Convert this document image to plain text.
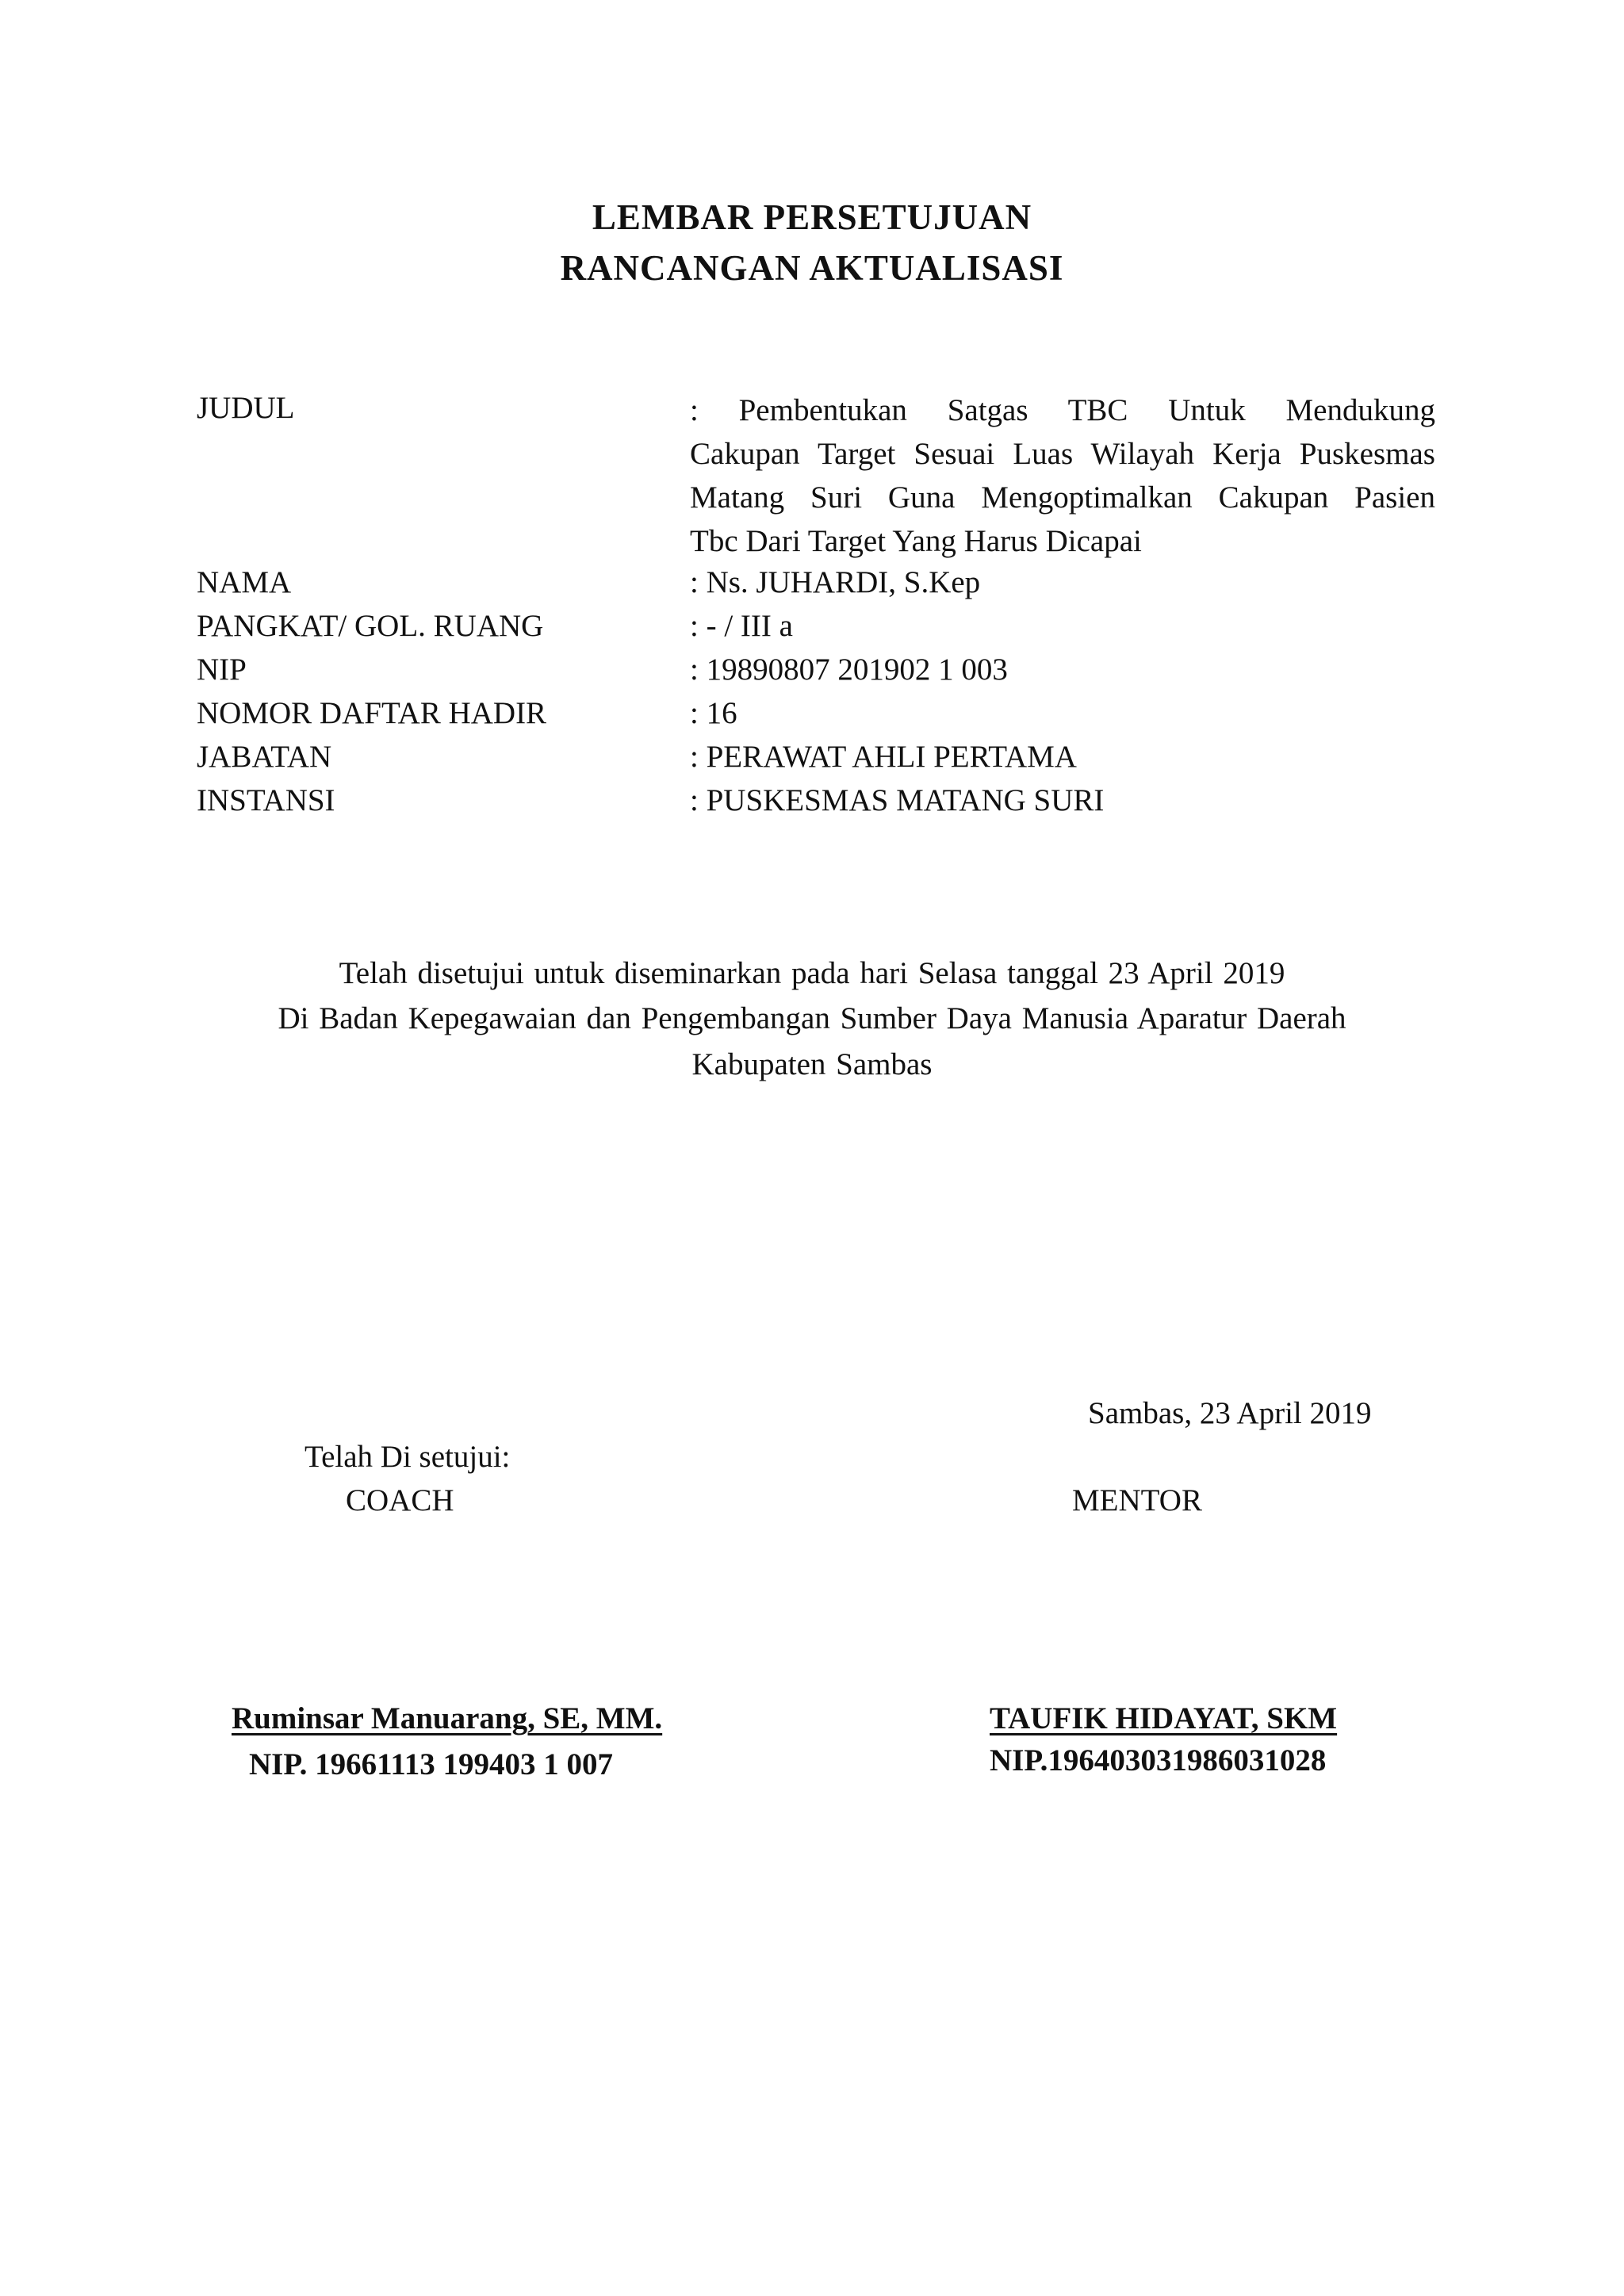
LEMBAR PERSETUJUAN
RANCANGAN AKTUALISASI
JUDUL	: Pembentukan Satgas TBC Untuk Mendukung
Cakupan Target Sesuai Luas Wilayah Kerja Puskesmas
Matang Suri Guna Mengoptimalkan Cakupan Pasien
Tbc Dari Target Yang Harus Dicapai
NAMA	: Ns. JUHARDI, S.Kep
PANGKAT/ GOL. RUANG	: - / III a
NIP	: 19890807 201902 1 003
NOMOR DAFTAR HADIR	: 16
JABATAN	: PERAWAT AHLI PERTAMA
INSTANSI	: PUSKESMAS MATANG SURI
Telah disetujui untuk diseminarkan pada hari Selasa tanggal 23 April 2019
Di Badan Kepegawaian dan Pengembangan Sumber Daya Manusia Aparatur Daerah
Kabupaten Sambas
Sambas, 23 April 2019
Telah Di setujui:
COACH	MENTOR
Ruminsar Manuarang, SE, MM.
NIP. 19661113 199403 1 007
TAUFIK HIDAYAT, SKM
NIP.196403031986031028
